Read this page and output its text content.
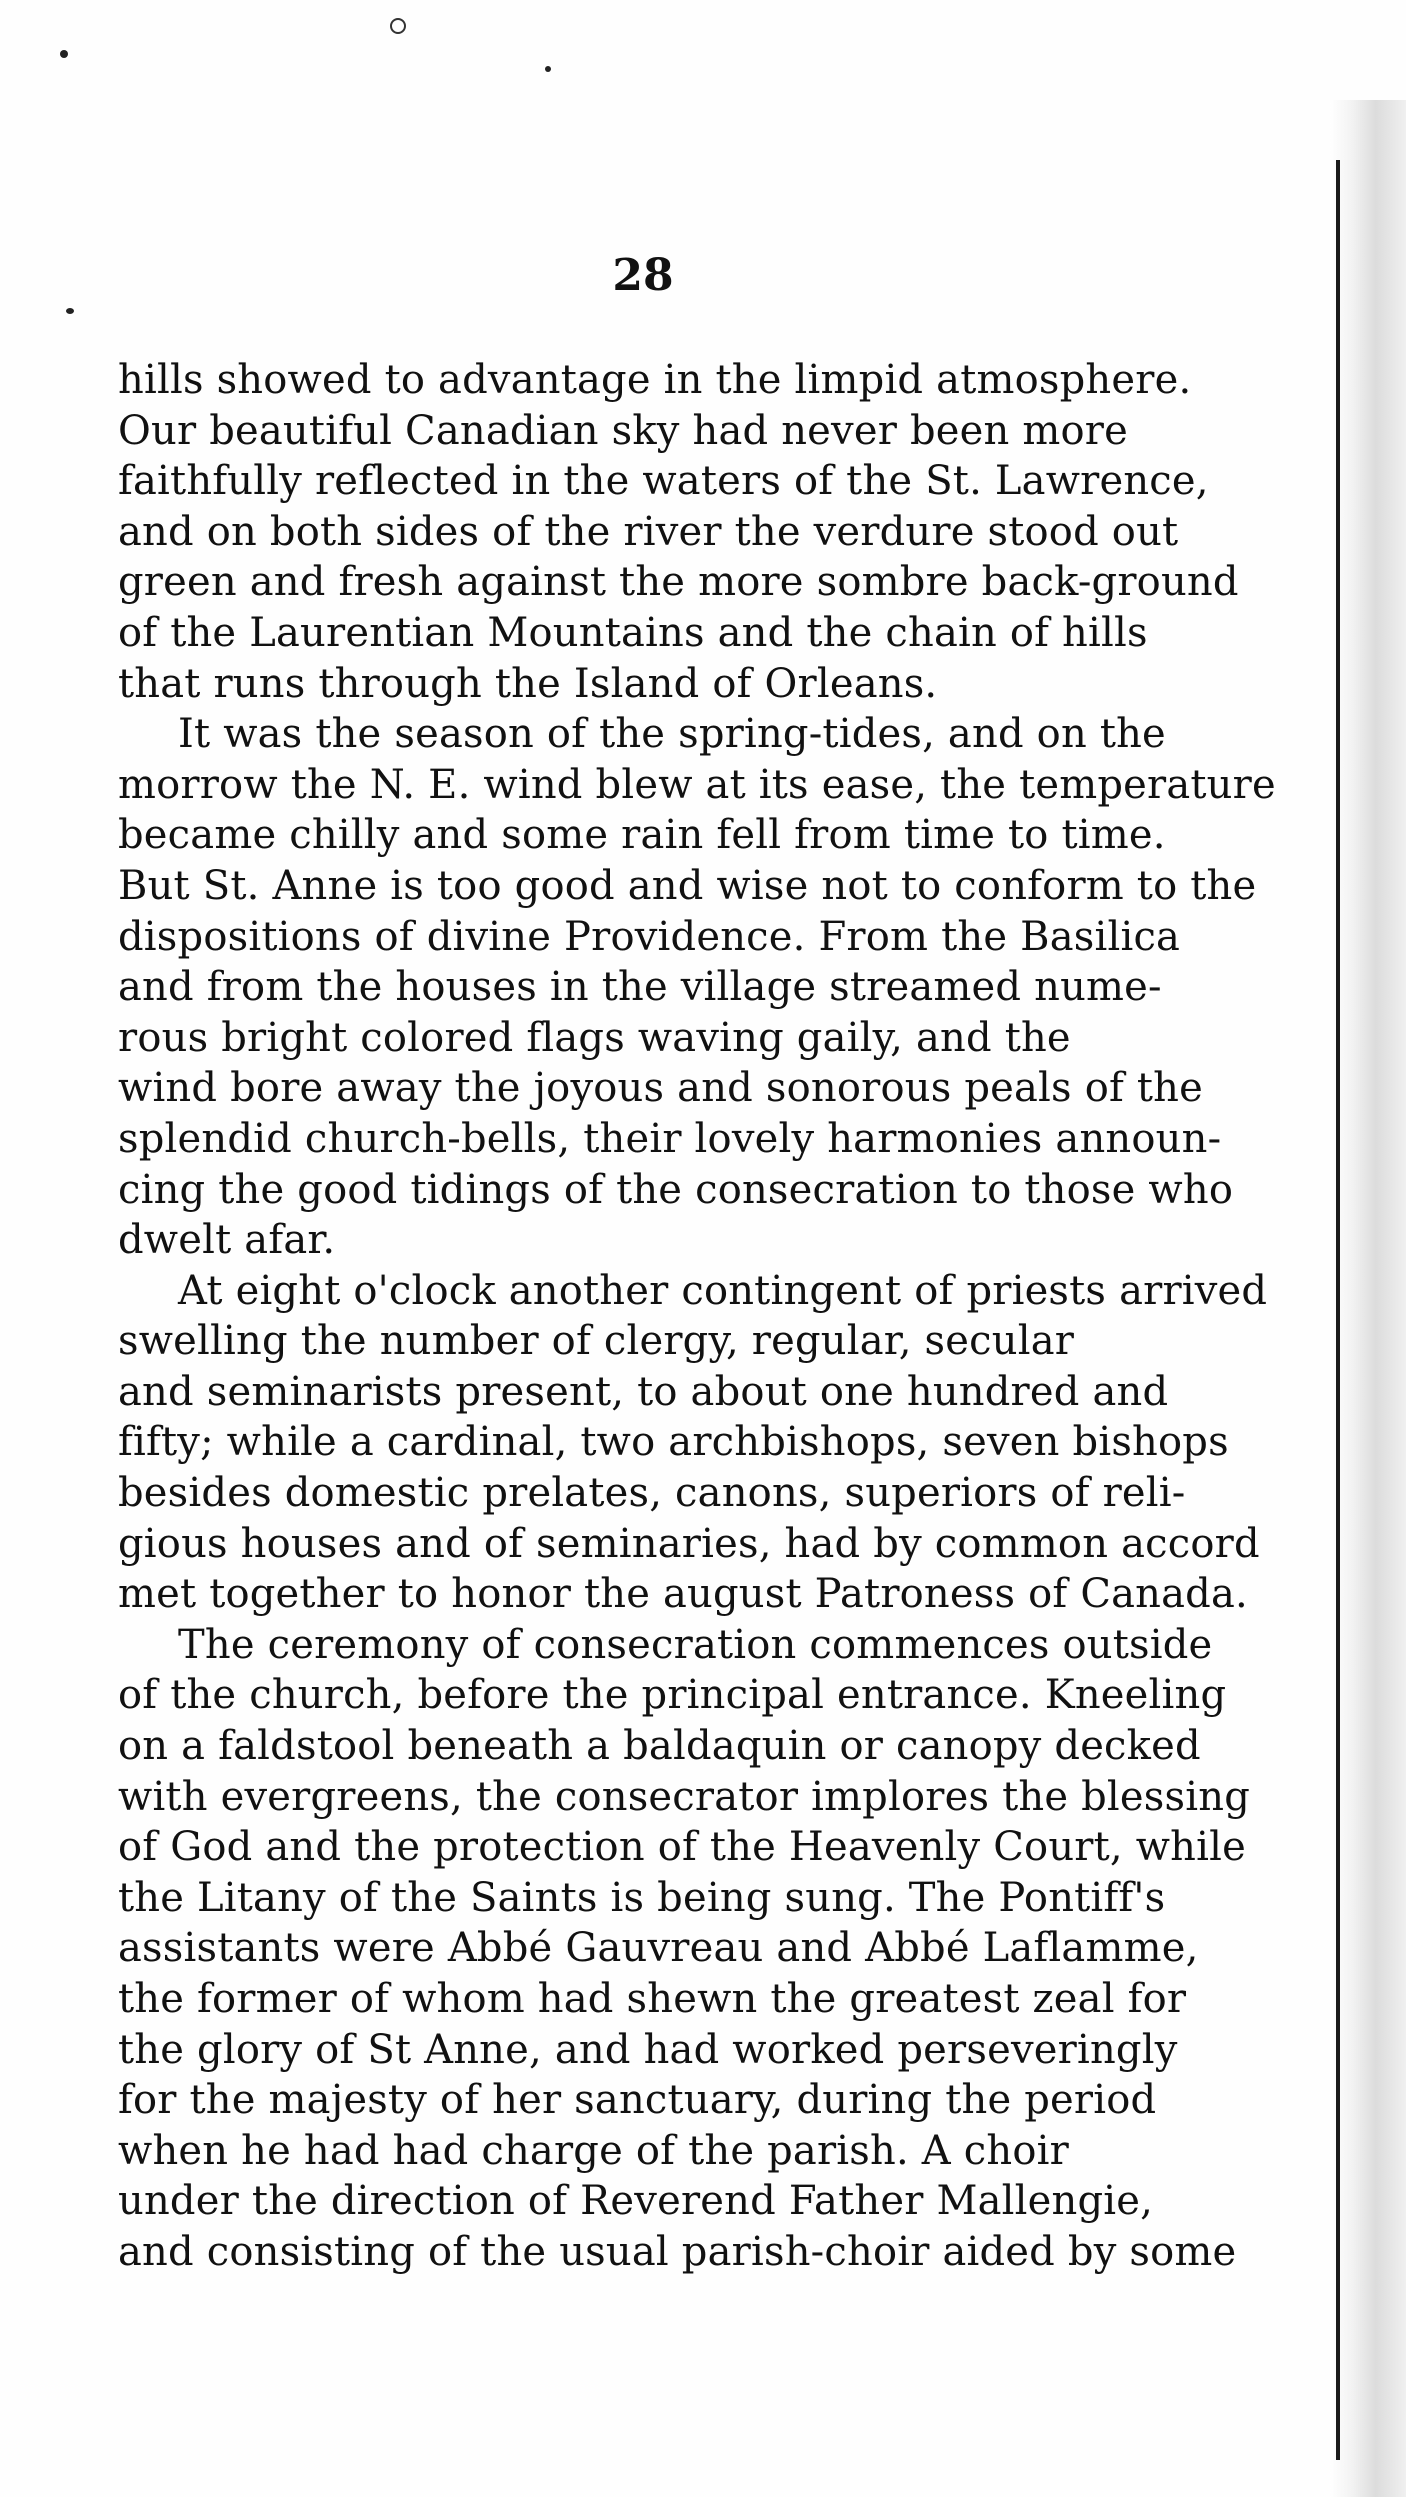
28
hills showed to advantage in the limpid atmosphere.
Our beautiful Canadian sky had never been more
faithfully reflected in the waters of the St. Lawrence,
and on both sides of the river the verdure stood out
green and fresh against the more sombre back-ground
of the Laurentian Mountains and the chain of hills
that runs through the Island of Orleans.
It was the season of the spring-tides, and on the
morrow the N. E. wind blew at its ease, the temperature
became chilly and some rain fell from time to time.
But St. Anne is too good and wise not to conform to the
dispositions of divine Providence. From the Basilica
and from the houses in the village streamed nume-
rous bright colored flags waving gaily, and the
wind bore away the joyous and sonorous peals of the
splendid church-bells, their lovely harmonies announ-
cing the good tidings of the consecration to those who
dwelt afar.
At eight o'clock another contingent of priests arrived
swelling the number of clergy, regular, secular
and seminarists present, to about one hundred and
fifty; while a cardinal, two archbishops, seven bishops
besides domestic prelates, canons, superiors of reli-
gious houses and of seminaries, had by common accord
met together to honor the august Patroness of Canada.
The ceremony of consecration commences outside
of the church, before the principal entrance. Kneeling
on a faldstool beneath a baldaquin or canopy decked
with evergreens, the consecrator implores the blessing
of God and the protection of the Heavenly Court, while
the Litany of the Saints is being sung. The Pontiff's
assistants were Abbé Gauvreau and Abbé Laflamme,
the former of whom had shewn the greatest zeal for
the glory of St Anne, and had worked perseveringly
for the majesty of her sanctuary, during the period
when he had had charge of the parish. A choir
under the direction of Reverend Father Mallengie,
and consisting of the usual parish-choir aided by some
